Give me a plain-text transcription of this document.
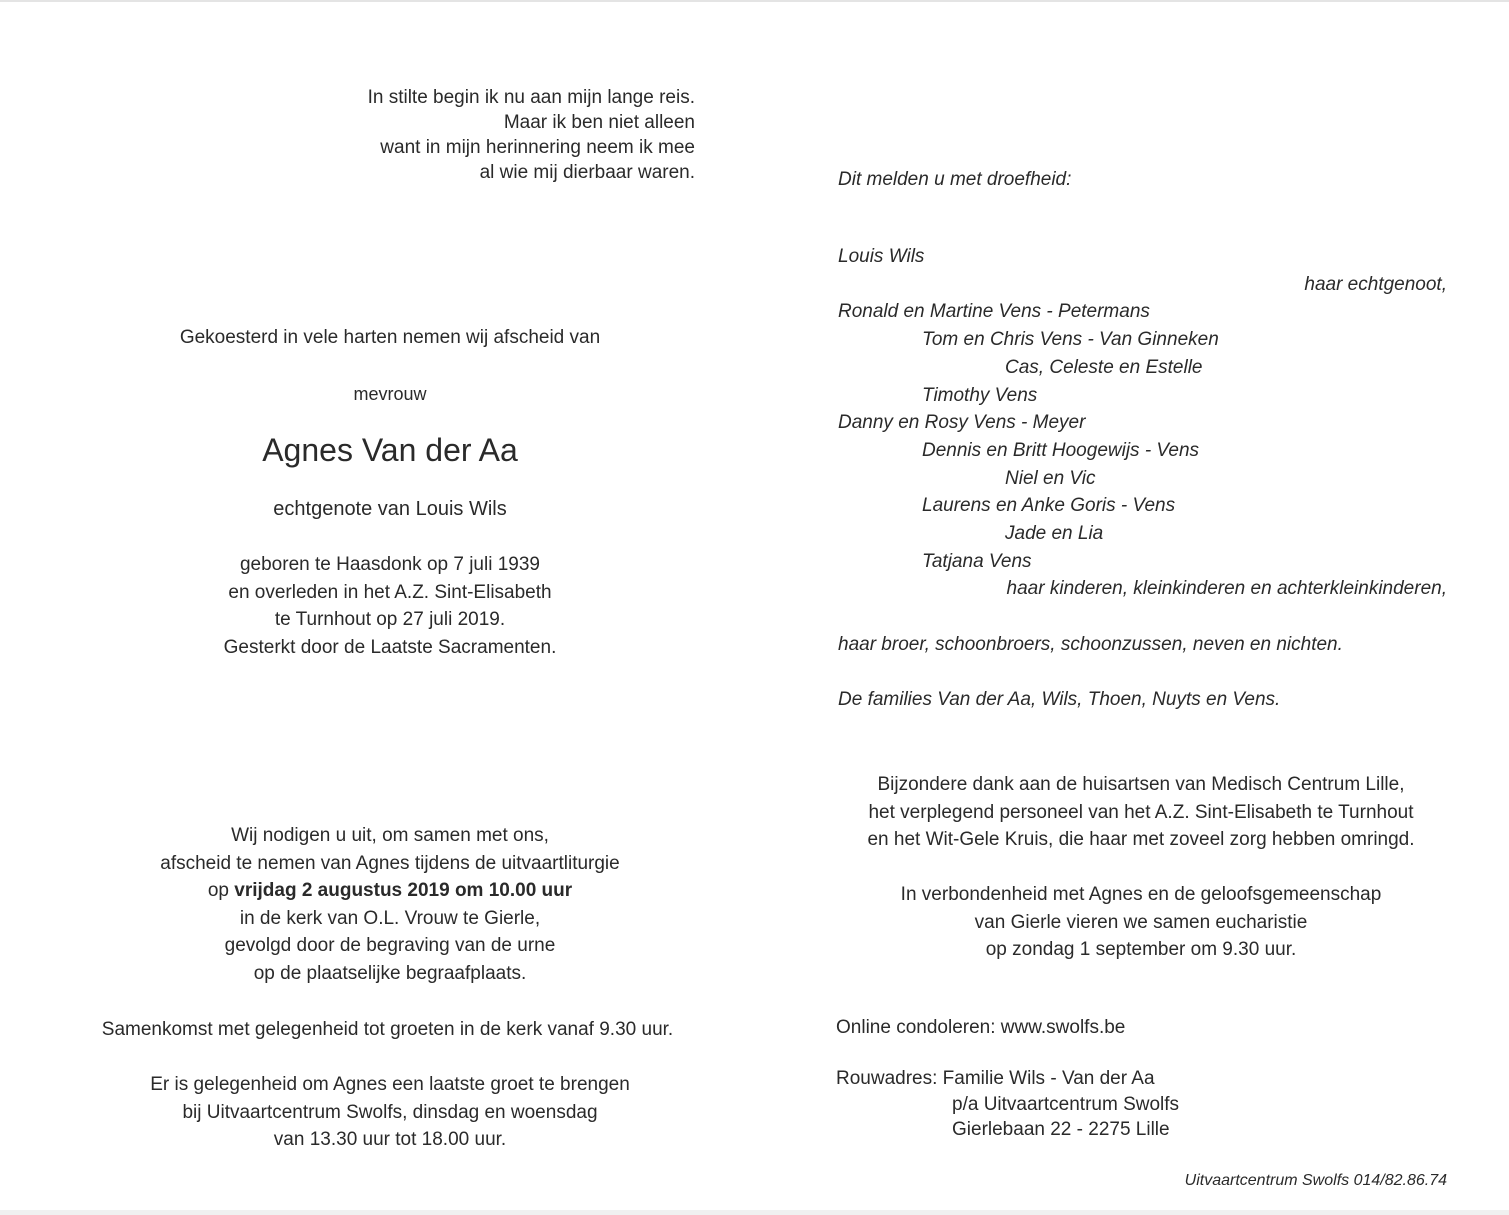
In stilte begin ik nu aan mijn lange reis.
Maar ik ben niet alleen
want in mijn herinnering neem ik mee
al wie mij dierbaar waren.
Gekoesterd in vele harten nemen wij afscheid van
mevrouw
Agnes Van der Aa
echtgenote van Louis Wils
geboren te Haasdonk op 7 juli 1939
en overleden in het A.Z. Sint-Elisabeth
te Turnhout op 27 juli 2019.
Gesterkt door de Laatste Sacramenten.
Wij nodigen u uit, om samen met ons,
afscheid te nemen van Agnes tijdens de uitvaartliturgie
op vrijdag 2 augustus 2019 om 10.00 uur
in de kerk van O.L. Vrouw te Gierle,
gevolgd door de begraving van de urne
op de plaatselijke begraafplaats.
Samenkomst met gelegenheid tot groeten in de kerk vanaf 9.30 uur.
Er is gelegenheid om Agnes een laatste groet te brengen
bij Uitvaartcentrum Swolfs, dinsdag en woensdag
van 13.30 uur tot 18.00 uur.
Dit melden u met droefheid:
Louis Wils
haar echtgenoot,
Ronald en Martine Vens - Petermans
Tom en Chris Vens - Van Ginneken
Cas, Celeste en Estelle
Timothy Vens
Danny en Rosy Vens - Meyer
Dennis en Britt Hoogewijs - Vens
Niel en Vic
Laurens en Anke Goris - Vens
Jade en Lia
Tatjana Vens
haar kinderen, kleinkinderen en achterkleinkinderen,
haar broer, schoonbroers, schoonzussen, neven en nichten.
De families Van der Aa, Wils, Thoen, Nuyts en Vens.
Bijzondere dank aan de huisartsen van Medisch Centrum Lille,
het verplegend personeel van het A.Z. Sint-Elisabeth te Turnhout
en het Wit-Gele Kruis, die haar met zoveel zorg hebben omringd.
In verbondenheid met Agnes en de geloofsgemeenschap
van Gierle vieren we samen eucharistie
op zondag 1 september om 9.30 uur.
Online condoleren: www.swolfs.be
Rouwadres: Familie Wils - Van der Aa
p/a Uitvaartcentrum Swolfs
Gierlebaan 22 - 2275 Lille
Uitvaartcentrum Swolfs 014/82.86.74
